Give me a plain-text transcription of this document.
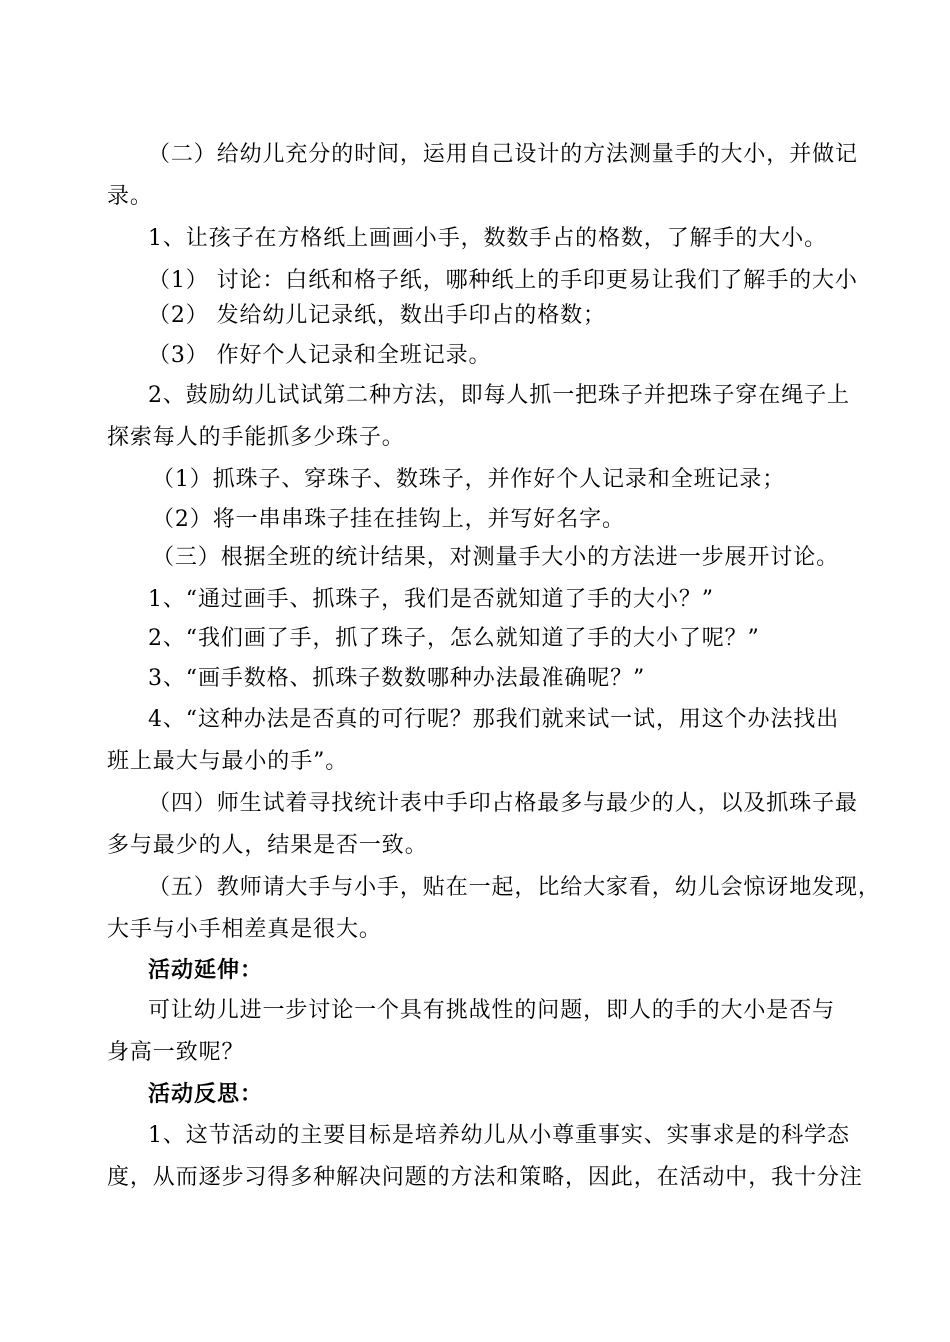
（二）给幼儿充分的时间，运用自己设计的方法测量手的大小，并做记
录。
1、让孩子在方格纸上画画小手，数数手占的格数，了解手的大小。
（1） 讨论：白纸和格子纸，哪种纸上的手印更易让我们了解手的大小
（2） 发给幼儿记录纸，数出手印占的格数；
（3） 作好个人记录和全班记录。
2、鼓励幼儿试试第二种方法，即每人抓一把珠子并把珠子穿在绳子上
探索每人的手能抓多少珠子。
（1）抓珠子、穿珠子、数珠子，并作好个人记录和全班记录；
（2）将一串串珠子挂在挂钩上，并写好名字。
（三）根据全班的统计结果，对测量手大小的方法进一步展开讨论。
1、“通过画手、抓珠子，我们是否就知道了手的大小？”
2、“我们画了手，抓了珠子，怎么就知道了手的大小了呢？”
3、“画手数格、抓珠子数数哪种办法最准确呢？”
4、“这种办法是否真的可行呢？那我们就来试一试，用这个办法找出
班上最大与最小的手”。
（四）师生试着寻找统计表中手印占格最多与最少的人，以及抓珠子最
多与最少的人，结果是否一致。
（五）教师请大手与小手，贴在一起，比给大家看，幼儿会惊讶地发现，
大手与小手相差真是很大。
活动延伸：
可让幼儿进一步讨论一个具有挑战性的问题，即人的手的大小是否与
身高一致呢？
活动反思：
1、这节活动的主要目标是培养幼儿从小尊重事实、实事求是的科学态
度，从而逐步习得多种解决问题的方法和策略，因此，在活动中，我十分注
